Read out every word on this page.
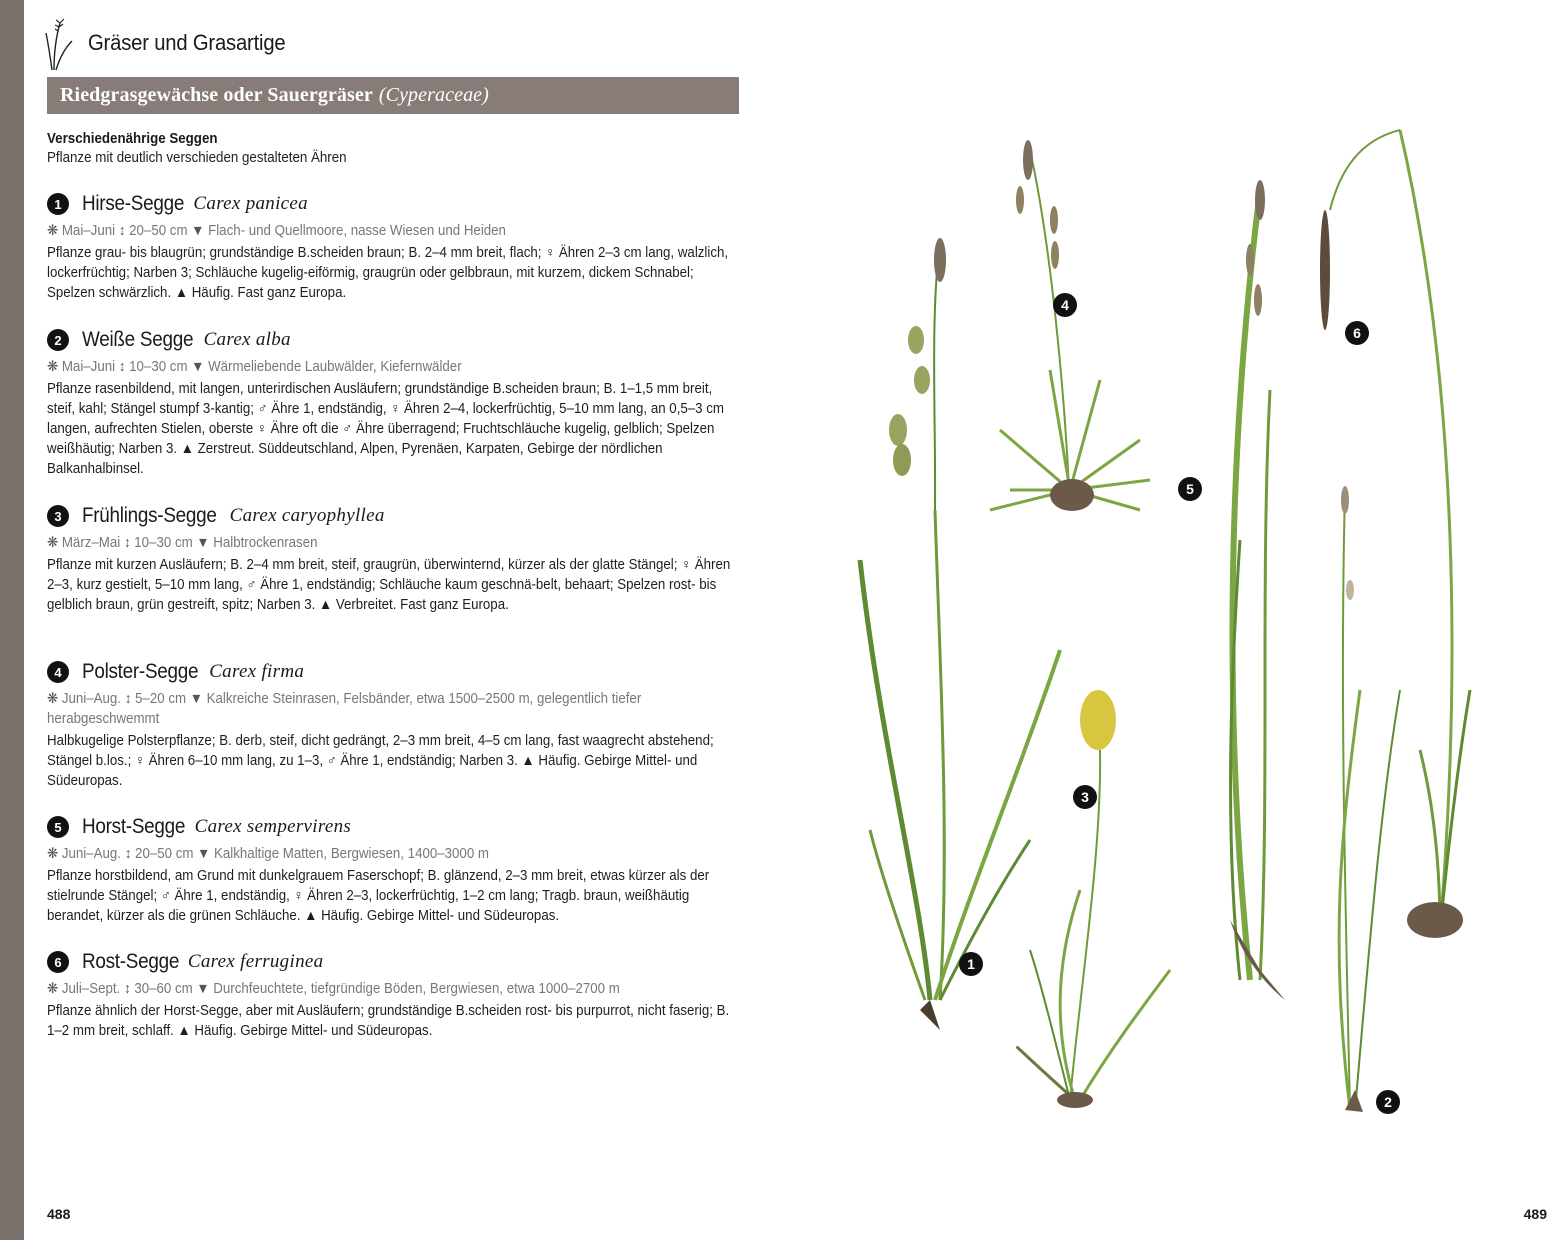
Gräser und Grasartige
Riedgrasgewächse oder Sauergräser (Cyperaceae)
Verschiedenährige Seggen
Pflanze mit deutlich verschieden gestalteten Ähren
1 Hirse-Segge Carex panicea
❋ Mai–Juni ↕ 20–50 cm ▼ Flach- und Quellmoore, nasse Wiesen und Heiden
Pflanze grau- bis blaugrün; grundständige B.scheiden braun; B. 2–4 mm breit, flach; ♀ Ähren 2–3 cm lang, walzlich, lockerfrüchtig; Narben 3; Schläuche kugelig-eiförmig, graugrün oder gelbbraun, mit kurzem, dickem Schnabel; Spelzen schwärzlich. ▲ Häufig. Fast ganz Europa.
2 Weiße Segge Carex alba
❋ Mai–Juni ↕ 10–30 cm ▼ Wärmeliebende Laubwälder, Kiefernwälder
Pflanze rasenbildend, mit langen, unterirdischen Ausläufern; grundständige B.scheiden braun; B. 1–1,5 mm breit, steif, kahl; Stängel stumpf 3-kantig; ♂ Ähre 1, endständig, ♀ Ähren 2–4, lockerfrüchtig, 5–10 mm lang, an 0,5–3 cm langen, aufrechten Stielen, oberste ♀ Ähre oft die ♂ Ähre überragend; Fruchtschläuche kugelig, gelblich; Spelzen weißhäutig; Narben 3. ▲ Zerstreut. Süddeutschland, Alpen, Pyrenäen, Karpaten, Gebirge der nördlichen Balkanhalbinsel.
3 Frühlings-Segge Carex caryophyllea
❋ März–Mai ↕ 10–30 cm ▼ Halbtrockenrasen
Pflanze mit kurzen Ausläufern; B. 2–4 mm breit, steif, graugrün, überwinternd, kürzer als der glatte Stängel; ♀ Ähren 2–3, kurz gestielt, 5–10 mm lang, ♂ Ähre 1, endständig; Schläuche kaum geschnä-belt, behaart; Spelzen rost- bis gelblich braun, grün gestreift, spitz; Narben 3. ▲ Verbreitet. Fast ganz Europa.
4 Polster-Segge Carex firma
❋ Juni–Aug. ↕ 5–20 cm ▼ Kalkreiche Steinrasen, Felsbänder, etwa 1500–2500 m, gelegentlich tiefer herabgeschwemmt
Halbkugelige Polsterpflanze; B. derb, steif, dicht gedrängt, 2–3 mm breit, 4–5 cm lang, fast waagrecht abstehend; Stängel b.los.; ♀ Ähren 6–10 mm lang, zu 1–3, ♂ Ähre 1, endständig; Narben 3. ▲ Häufig. Gebirge Mittel- und Südeuropas.
5 Horst-Segge Carex sempervirens
❋ Juni–Aug. ↕ 20–50 cm ▼ Kalkhaltige Matten, Bergwiesen, 1400–3000 m
Pflanze horstbildend, am Grund mit dunkelgrauem Faserschopf; B. glänzend, 2–3 mm breit, etwas kürzer als der stielrunde Stängel; ♂ Ähre 1, endständig, ♀ Ähren 2–3, lockerfrüchtig, 1–2 cm lang; Tragb. braun, weißhäutig berandet, kürzer als die grünen Schläuche. ▲ Häufig. Gebirge Mittel- und Südeuropas.
6 Rost-Segge Carex ferruginea
❋ Juli–Sept. ↕ 30–60 cm ▼ Durchfeuchtete, tiefgründige Böden, Bergwiesen, etwa 1000–2700 m
Pflanze ähnlich der Horst-Segge, aber mit Ausläufern; grundständige B.scheiden rost- bis purpurrot, nicht faserig; B. 1–2 mm breit, schlaff. ▲ Häufig. Gebirge Mittel- und Südeuropas.
1
2
3
4
5
6
488	489
